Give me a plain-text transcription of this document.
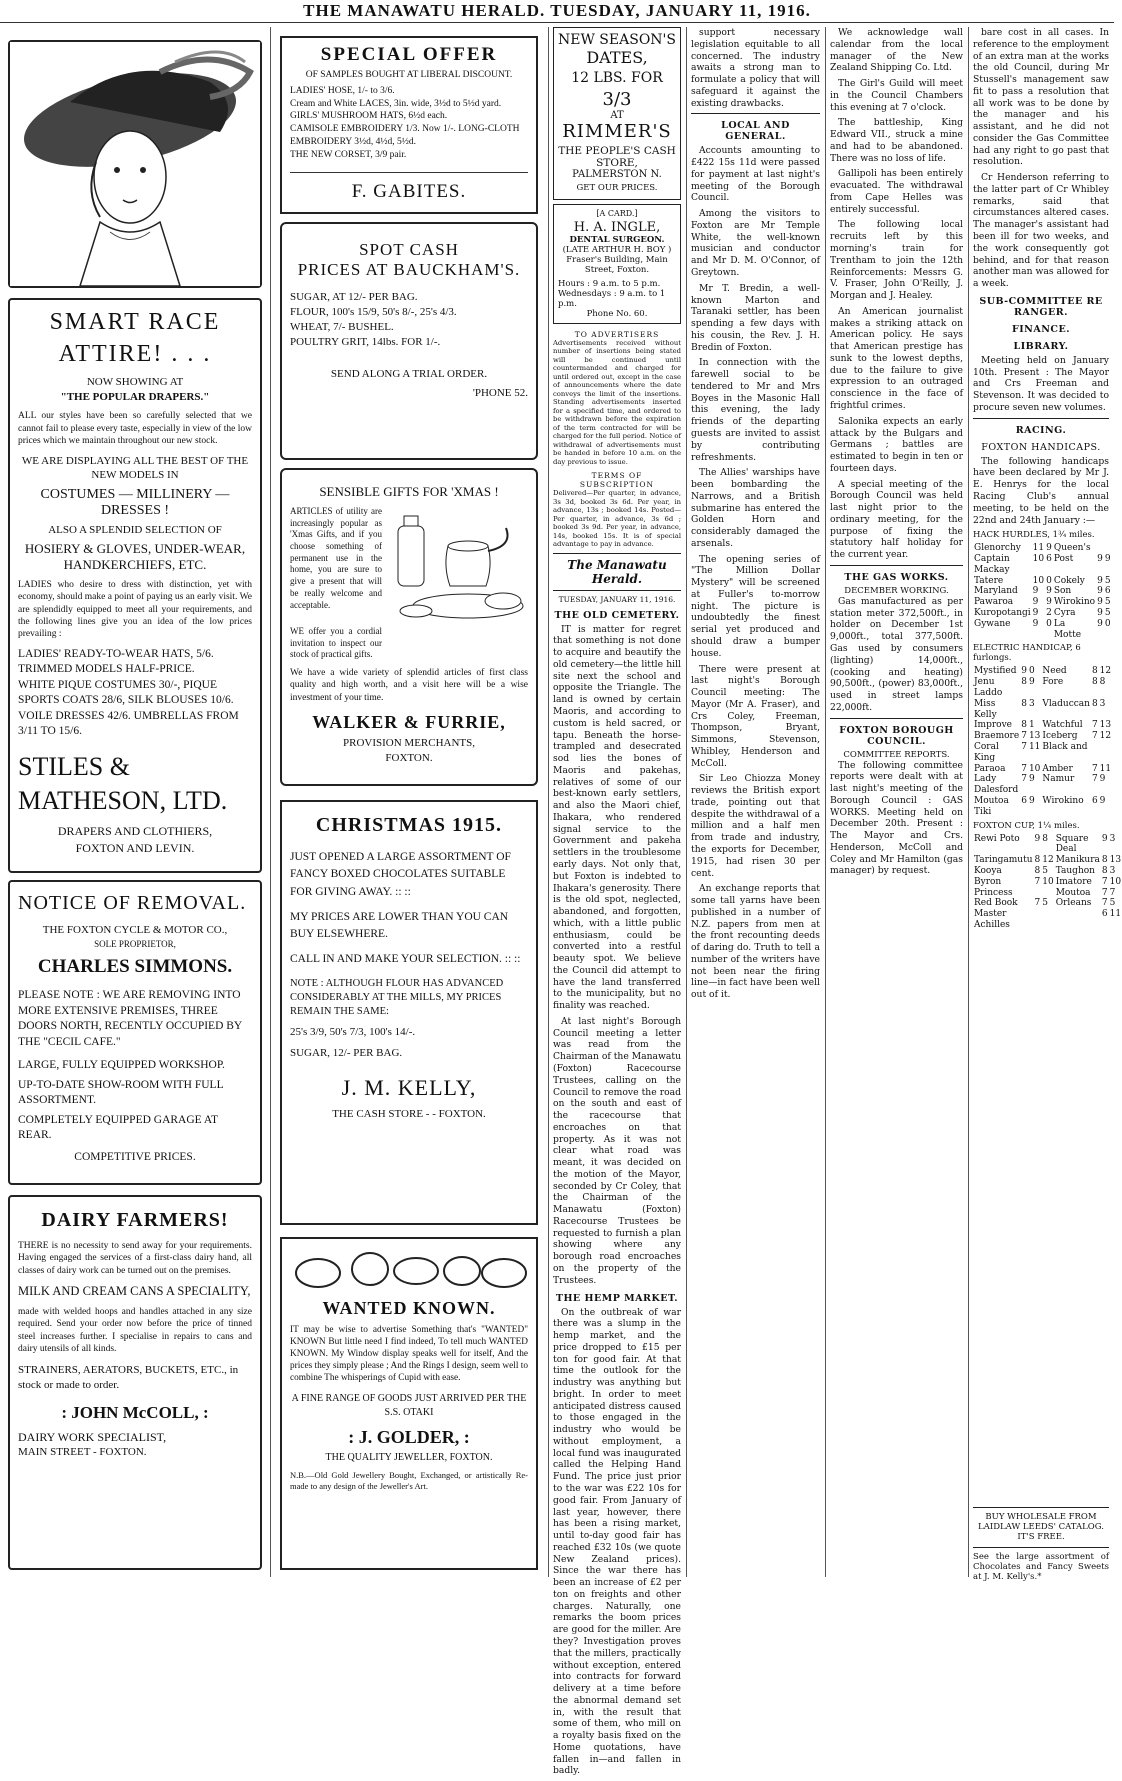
THE MANAWATU HERALD. TUESDAY, JANUARY 11, 1916.
SMART RACE ATTIRE! . . .
NOW SHOWING AT
"THE POPULAR DRAPERS."
ALL our styles have been so carefully selected that we cannot fail to please every taste, especially in view of the low prices which we maintain throughout our new stock.
WE ARE DISPLAYING ALL THE BEST OF THE NEW MODELS IN
COSTUMES — MILLINERY — DRESSES !
ALSO A SPLENDID SELECTION OF
HOSIERY & GLOVES, UNDER-WEAR, HANDKERCHIEFS, ETC.
LADIES who desire to dress with distinction, yet with economy, should make a point of paying us an early visit. We are splendidly equipped to meet all your requirements, and the following lines give you an idea of the low prices prevailing :
LADIES' READY-TO-WEAR HATS, 5/6.
TRIMMED MODELS HALF-PRICE.
WHITE PIQUE COSTUMES 30/-, PIQUE SPORTS COATS 28/6, SILK BLOUSES 10/6.
VOILE DRESSES 42/6. UMBRELLAS FROM 3/11 TO 15/6.
STILES & MATHESON, LTD.
DRAPERS AND CLOTHIERS,
FOXTON AND LEVIN.
NOTICE OF REMOVAL.
THE FOXTON CYCLE & MOTOR CO.,
SOLE PROPRIETOR,
CHARLES SIMMONS.
PLEASE NOTE : WE ARE REMOVING INTO MORE EXTENSIVE PREMISES, THREE DOORS NORTH, RECENTLY OCCUPIED BY THE "CECIL CAFE."
LARGE, FULLY EQUIPPED WORKSHOP.
UP-TO-DATE SHOW-ROOM WITH FULL ASSORTMENT.
COMPLETELY EQUIPPED GARAGE AT REAR.
COMPETITIVE PRICES.
DAIRY FARMERS!
THERE is no necessity to send away for your requirements. Having engaged the services of a first-class dairy hand, all classes of dairy work can be turned out on the premises.
MILK AND CREAM CANS A SPECIALITY,
made with welded hoops and handles attached in any size required. Send your order now before the price of tinned steel increases further. I specialise in repairs to cans and dairy utensils of all kinds.
STRAINERS, AERATORS, BUCKETS, ETC., in stock or made to order.
: JOHN McCOLL, :
DAIRY WORK SPECIALIST,
MAIN STREET - FOXTON.
SPECIAL OFFER
OF SAMPLES BOUGHT AT LIBERAL DISCOUNT.
LADIES' HOSE, 1/- to 3/6.
Cream and White LACES, 3in. wide, 3½d to 5½d yard.
GIRLS' MUSHROOM HATS, 6½d each.
CAMISOLE EMBROIDERY 1/3. Now 1/-. LONG-CLOTH EMBROIDERY 3½d, 4½d, 5½d.
THE NEW CORSET, 3/9 pair.
F. GABITES.
SPOT CASH
PRICES AT BAUCKHAM'S.
SUGAR, AT 12/- PER BAG.
FLOUR, 100's 15/9, 50's 8/-, 25's 4/3.
WHEAT, 7/- BUSHEL.
POULTRY GRIT, 14lbs. FOR 1/-.
SEND ALONG A TRIAL ORDER.
'PHONE 52.
SENSIBLE GIFTS FOR 'XMAS !
ARTICLES of utility are increasingly popular as 'Xmas Gifts, and if you choose something of permanent use in the home, you are sure to give a present that will be really welcome and acceptable.
WE offer you a cordial invitation to inspect our stock of practical gifts.
We have a wide variety of splendid articles of first class quality and high worth, and a visit here will be a wise investment of your time.
WALKER & FURRIE,
PROVISION MERCHANTS,
FOXTON.
CHRISTMAS 1915.
JUST OPENED A LARGE ASSORTMENT OF FANCY BOXED CHOCOLATES SUITABLE FOR GIVING AWAY. :: ::
MY PRICES ARE LOWER THAN YOU CAN BUY ELSEWHERE.
CALL IN AND MAKE YOUR SELECTION. :: ::
NOTE : ALTHOUGH FLOUR HAS ADVANCED CONSIDERABLY AT THE MILLS, MY PRICES REMAIN THE SAME:
25's 3/9, 50's 7/3, 100's 14/-.
SUGAR, 12/- PER BAG.
J. M. KELLY,
THE CASH STORE - - FOXTON.
WANTED KNOWN.
IT may be wise to advertise Something that's "WANTED" KNOWN But little need I find indeed, To tell much WANTED KNOWN. My Window display speaks well for itself, And the prices they simply please ; And the Rings I design, seem well to combine The whisperings of Cupid with ease.
A FINE RANGE OF GOODS JUST ARRIVED PER THE S.S. OTAKI
: J. GOLDER, :
THE QUALITY JEWELLER, FOXTON.
N.B.—Old Gold Jewellery Bought, Exchanged, or artistically Re-made to any design of the Jeweller's Art.
NEW SEASON'S
DATES,
12 LBS. FOR
3/3
AT
RIMMER'S
THE PEOPLE'S CASH STORE,
PALMERSTON N.
GET OUR PRICES.
[A CARD.]
H. A. INGLE,
DENTAL SURGEON.
(LATE ARTHUR H. BOY )
Fraser's Building, Main Street, Foxton.
Hours : 9 a.m. to 5 p.m. Wednesdays : 9 a.m. to 1 p.m.
Phone No. 60.
TO ADVERTISERS
Advertisements received without number of insertions being stated will be continued until countermanded and charged for until ordered out, except in the case of announcements where the date conveys the limit of the insertions. Standing advertisements inserted for a specified time, and ordered to be withdrawn before the expiration of the term contracted for will be charged for the full period. Notice of withdrawal of advertisements must be handed in before 10 a.m. on the day previous to issue.
TERMS OF SUBSCRIPTION
Delivered—Per quarter, in advance, 3s 3d, booked 3s 6d. Per year, in advance, 13s ; booked 14s. Posted—Per quarter, in advance, 3s 6d ; booked 3s 9d. Per year, in advance, 14s, booked 15s. It is of special advantage to pay in advance.
The Manawatu Herald.
TUESDAY, JANUARY 11, 1916.
THE OLD CEMETERY.

IT is matter for regret that something is not done to acquire and beautify the old cemetery—the little hill site next the school and opposite the Triangle. The land is owned by certain Maoris, and according to custom is held sacred, or tapu. Beneath the horse-trampled and desecrated sod lies the bones of Maoris and pakehas, relatives of some of our best-known early settlers, and also the Maori chief, Ihakara, who rendered signal service to the Government and pakeha settlers in the troublesome early days. Not only that, but Foxton is indebted to Ihakara's generosity. There is the old spot, neglected, abandoned, and forgotten, which, with a little public enthusiasm, could be converted into a restful beauty spot. We believe the Council did attempt to have the land transferred to the municipality, but no finality was reached.

At last night's Borough Council meeting a letter was read from the Chairman of the Manawatu (Foxton) Racecourse Trustees, calling on the Council to remove the road on the south and east of the racecourse that encroaches on that property. As it was not clear what road was meant, it was decided on the motion of the Mayor, seconded by Cr Coley, that the Chairman of the Manawatu (Foxton) Racecourse Trustees be requested to furnish a plan showing where any borough road encroaches on the property of the Trustees.

THE HEMP MARKET.

On the outbreak of war there was a slump in the hemp market, and the price dropped to £15 per ton for good fair. At that time the outlook for the industry was anything but bright. In order to meet anticipated distress caused to those engaged in the industry who would be without employment, a local fund was inaugurated called the Helping Hand Fund. The price just prior to the war was £22 10s for good fair. From January of last year, however, there has been a rising market, until to-day good fair has reached £32 10s (we quote New Zealand prices). Since the war there has been an increase of £2 per ton on freights and other charges. Naturally, one remarks the boom prices are good for the miller. Are they? Investigation proves that the millers, practically without exception, entered into contracts for forward delivery at a time before the abnormal demand set in, with the result that some of them, who mill on a royalty basis fixed on the Home quotations, have fallen in—and fallen in badly.

support necessary legislation equitable to all concerned. The industry awaits a strong man to formulate a policy that will safeguard it against the existing drawbacks.

LOCAL AND GENERAL.

Accounts amounting to £422 15s 11d were passed for payment at last night's meeting of the Borough Council.

Among the visitors to Foxton are Mr Temple White, the well-known musician and conductor and Mr D. M. O'Connor, of Greytown.

Mr T. Bredin, a well-known Marton and Taranaki settler, has been spending a few days with his cousin, the Rev. J. H. Bredin of Foxton.

In connection with the farewell social to be tendered to Mr and Mrs Boyes in the Masonic Hall this evening, the lady friends of the departing guests are invited to assist by contributing refreshments.

The Allies' warships have been bombarding the Narrows, and a British submarine has entered the Golden Horn and considerably damaged the arsenals.

The opening series of "The Million Dollar Mystery" will be screened at Fuller's to-morrow night. The picture is undoubtedly the finest serial yet produced and should draw a bumper house.

There were present at last night's Borough Council meeting: The Mayor (Mr A. Fraser), and Crs Coley, Freeman, Thompson, Bryant, Simmons, Stevenson, Whibley, Henderson and McColl.

Sir Leo Chiozza Money reviews the British export trade, pointing out that despite the withdrawal of a million and a half men from trade and industry, the exports for December, 1915, had risen 30 per cent.

An exchange reports that some tall yarns have been published in a number of N.Z. papers from men at the front recounting deeds of daring do. Truth to tell a number of the writers have not been near the firing line—in fact have been well out of it.

We acknowledge wall calendar from the local manager of the New Zealand Shipping Co. Ltd.

The Girl's Guild will meet in the Council Chambers this evening at 7 o'clock.

The battleship, King Edward VII., struck a mine and had to be abandoned. There was no loss of life.

Gallipoli has been entirely evacuated. The withdrawal from Cape Helles was entirely successful.

The following local recruits left by this morning's train for Trentham to join the 12th Reinforcements: Messrs G. V. Fraser, John O'Reilly, J. Morgan and J. Healey.

An American journalist makes a striking attack on American policy. He says that American prestige has sunk to the lowest depths, due to the failure to give expression to an outraged conscience in the face of frightful crimes.

Salonika expects an early attack by the Bulgars and Germans ; battles are estimated to begin in ten or fourteen days.

A special meeting of the Borough Council was held last night prior to the ordinary meeting, for the purpose of fixing the statutory half holiday for the current year.

THE GAS WORKS.
DECEMBER WORKING.

Gas manufactured as per station meter 372,500ft., in holder on December 1st 9,000ft., total 377,500ft. Gas used by consumers (lighting) 14,000ft., (cooking and heating) 90,500ft., (power) 83,000ft., used in street lamps 22,000ft.

FOXTON BOROUGH COUNCIL.
COMMITTEE REPORTS.

The following committee reports were dealt with at last night's meeting of the Borough Council : GAS WORKS. Meeting held on December 20th. Present : The Mayor and Crs. Henderson, McColl and Coley and Mr Hamilton (gas manager) by request.

bare cost in all cases. In reference to the employment of an extra man at the works the old Council, during Mr Stussell's management saw fit to pass a resolution that all work was to be done by the manager and his assistant, and he did not consider the Gas Committee had any right to go past that resolution.

Cr Henderson referring to the latter part of Cr Whibley remarks, said that circumstances altered cases. The manager's assistant had been ill for two weeks, and the work consequently got behind, and for that reason another man was allowed for a week.

SUB-COMMITTEE RE RANGER.
FINANCE.
LIBRARY.

Meeting held on January 10th. Present : The Mayor and Crs Freeman and Stevenson. It was decided to procure seven new volumes.

RACING.
FOXTON HANDICAPS.

The following handicaps have been declared by Mr J. E. Henrys for the local Racing Club's annual meeting, to be held on the 22nd and 24th January :—

HACK HURDLES, 1¾ miles.
Glenorchy	11	9	Queen's		
Captain Mackay	10	6	Post	9	9
Tatere	10	0	Cokely	9	5
Maryland	9	9	Son	9	6
Pawaroa	9	9	Wirokino	9	5
Kuropotangi	9	2	Cyra	9	5
Gywane	9	0	La Motte	9	0
ELECTRIC HANDICAP, 6 furlongs.
Mystified	9	0	Need	8	12
Jenu Laddo	8	9	Fore	8	8
Miss Kelly	8	3	Vladuccan	8	3
Improve	8	1	Watchful	7	13
Braemore	7	13	Iceberg	7	12
Coral King	7	11	Black and		
Paraoa	7	10	Amber	7	11
Lady Dalesford	7	9	Namur	7	9
Moutoa Tiki	6	9	Wirokino	6	9
FOXTON CUP, 1¼ miles.
Rewi Poto	9	8	Square Deal	9	3
Taringamutu	8	12	Manikura	8	13
Kooya	8	5	Taughon	8	3
Byron	7	10	Imatore	7	10
Princess			Moutoa	7	7
Red Book	7	5	Orleans	7	5
Master Achilles				6	11
BUY WHOLESALE FROM LAIDLAW LEEDS' CATALOG. IT'S FREE.
See the large assortment of Chocolates and Fancy Sweets at J. M. Kelly's.*
